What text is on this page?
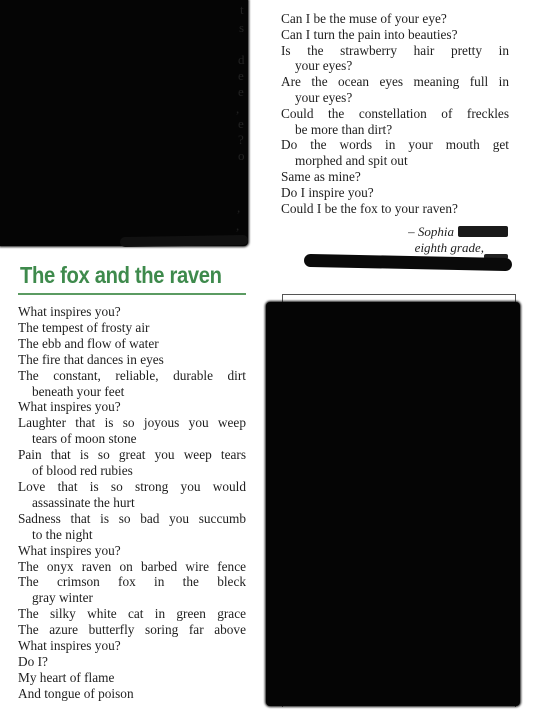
t
s
d
e
e
,
e
?
o
,
,
Can I be the muse of your eye?
Can I turn the pain into beauties?
Is the strawberry hair pretty in
your eyes?
Are the ocean eyes meaning full in
your eyes?
Could the constellation of freckles
be more than dirt?
Do the words in your mouth get
morphed and spit out
Same as mine?
Do I inspire you?
Could I be the fox to your raven?
– Sophia
eighth grade,
The fox and the raven
What inspires you?
The tempest of frosty air
The ebb and flow of water
The fire that dances in eyes
The constant, reliable, durable dirt
beneath your feet
What inspires you?
Laughter that is so joyous you weep
tears of moon stone
Pain that is so great you weep tears
of blood red rubies
Love that is so strong you would
assassinate the hurt
Sadness that is so bad you succumb
to the night
What inspires you?
The onyx raven on barbed wire fence
The crimson fox in the bleck
gray winter
The silky white cat in green grace
The azure butterfly soring far above
What inspires you?
Do I?
My heart of flame
And tongue of poison
